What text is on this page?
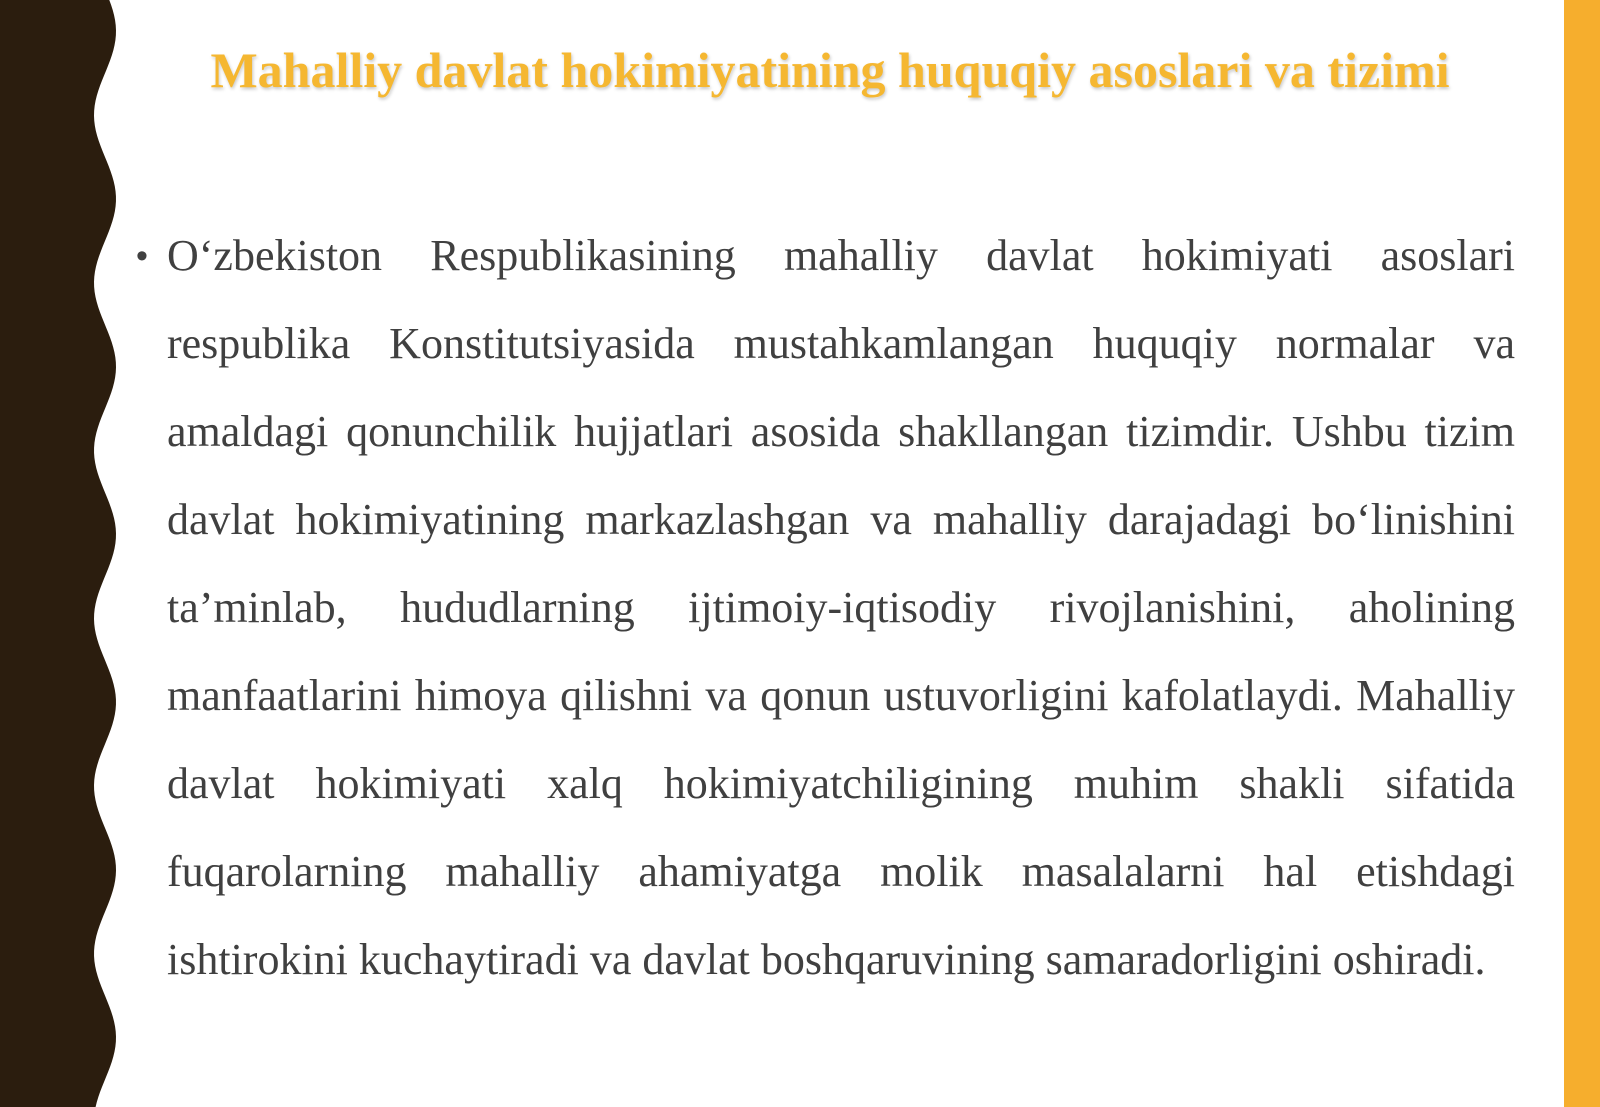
Mahalliy davlat hokimiyatining huquqiy asoslari va tizimi
• O‘zbekiston Respublikasining mahalliy davlat hokimiyati asoslari respublika Konstitutsiyasida mustahkamlangan huquqiy normalar va amaldagi qonunchilik hujjatlari asosida shakllangan tizimdir. Ushbu tizim davlat hokimiyatining markazlashgan va mahalliy darajadagi bo‘linishini ta’minlab, hududlarning ijtimoiy-iqtisodiy rivojlanishini, aholining manfaatlarini himoya qilishni va qonun ustuvorligini kafolatlaydi. Mahalliy davlat hokimiyati xalq hokimiyatchiligining muhim shakli sifatida fuqarolarning mahalliy ahamiyatga molik masalalarni hal etishdagi ishtirokini kuchaytiradi va davlat boshqaruvining samaradorligini oshiradi.
